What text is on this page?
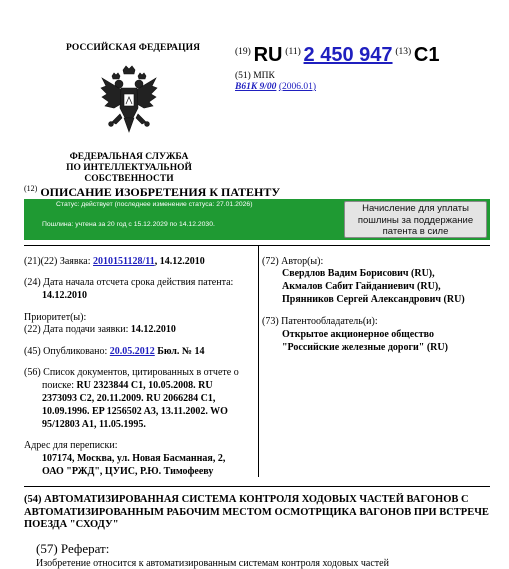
РОССИЙСКАЯ ФЕДЕРАЦИЯ
ФЕДЕРАЛЬНАЯ СЛУЖБА
ПО ИНТЕЛЛЕКТУАЛЬНОЙ СОБСТВЕННОСТИ
(19) RU (11) 2 450 947 (13) C1
(51) МПК
B61K 9/00 (2006.01)
$^{(12)}$ ОПИСАНИЕ ИЗОБРЕТЕНИЯ К ПАТЕНТУ
Статус: действует (последнее изменение статуса: 27.01.2026)
Пошлина: учтена за 20 год с 15.12.2029 по 14.12.2030.
Начисление для уплаты
пошлины за поддержание
патента в силе
(21)(22) Заявка: 2010151128/11, 14.12.2010
(24) Дата начала отсчета срока действия патента:
14.12.2010
Приоритет(ы):
(22) Дата подачи заявки: 14.12.2010
(45) Опубликовано: 20.05.2012 Бюл. № 14
(56) Список документов, цитированных в отчете о
поиске: RU 2323844 C1, 10.05.2008. RU
2373093 C2, 20.11.2009. RU 2066284 C1,
10.09.1996. EP 1256502 A3, 13.11.2002. WO
95/12803 A1, 11.05.1995.
Адрес для переписки:
107174, Москва, ул. Новая Басманная, 2,
ОАО "РЖД", ЦУИС, Р.Ю. Тимофееву
(72) Автор(ы):
Свердлов Вадим Борисович (RU),
Акмалов Сабит Гайданиевич (RU),
Прянников Сергей Александрович (RU)
(73) Патентообладатель(и):
Открытое акционерное общество
"Российские железные дороги" (RU)
(54) АВТОМАТИЗИРОВАННАЯ СИСТЕМА КОНТРОЛЯ ХОДОВЫХ ЧАСТЕЙ ВАГОНОВ С
АВТОМАТИЗИРОВАННЫМ РАБОЧИМ МЕСТОМ ОСМОТРЩИКА ВАГОНОВ ПРИ ВСТРЕЧЕ
ПОЕЗДА "СХОДУ"
(57) Реферат:
Изобретение относится к автоматизированным системам контроля ходовых частей
